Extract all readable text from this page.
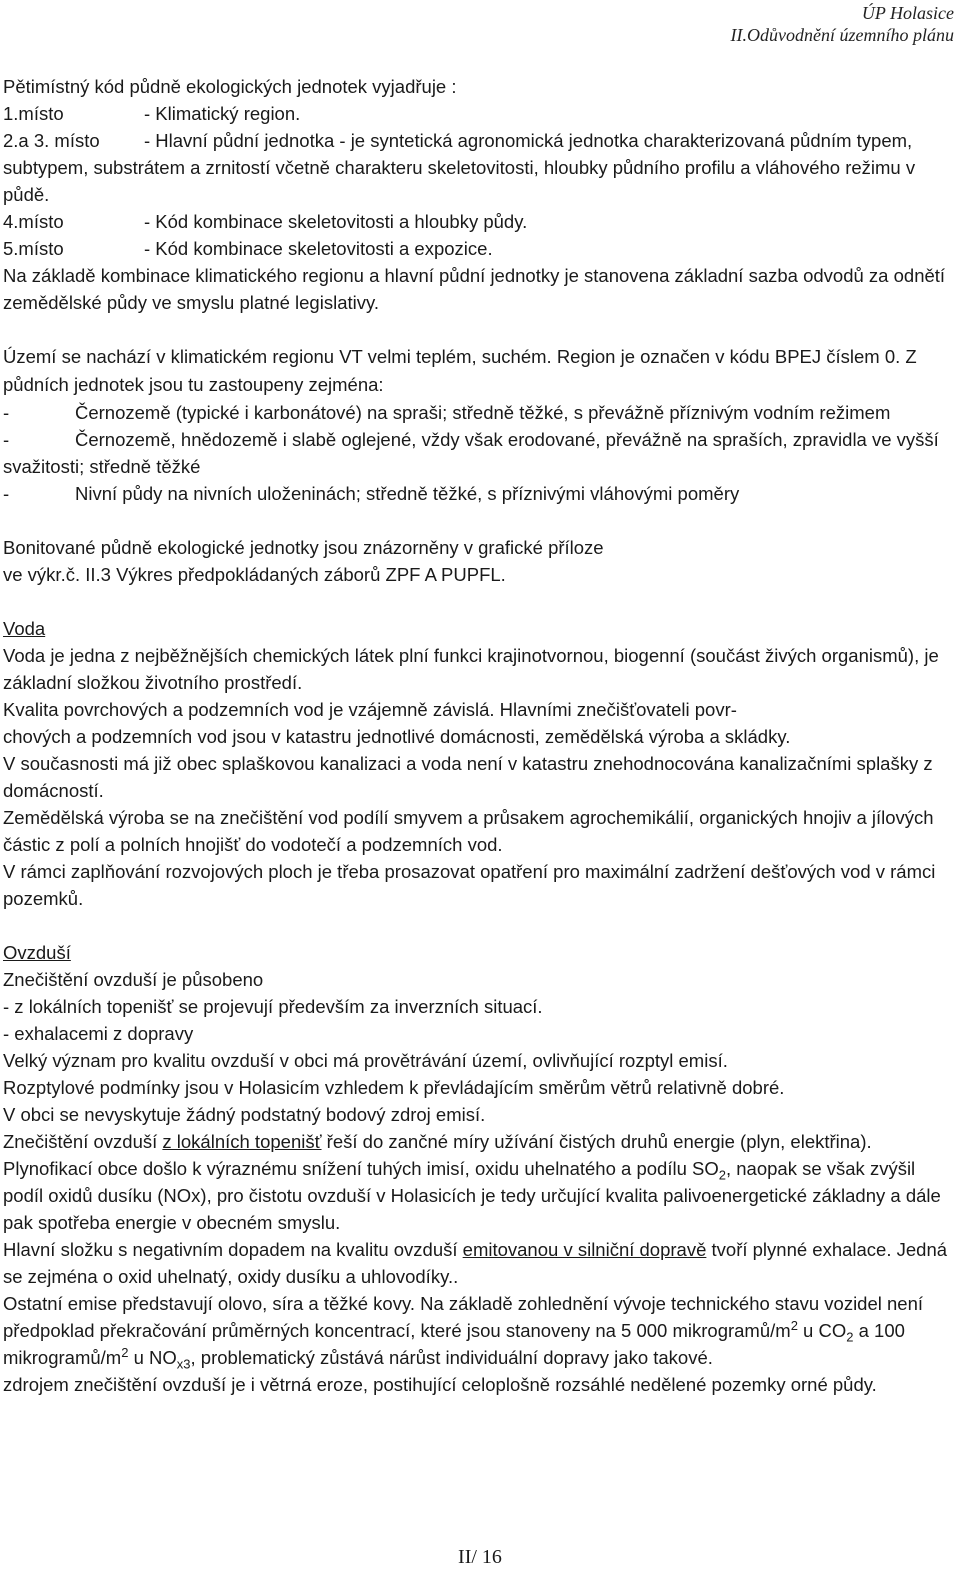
ÚP Holasice
II.Odůvodnění územního plánu
Pětimístný kód půdně ekologických jednotek vyjadřuje :
1.místo	- Klimatický region.
2.a 3. místo - Hlavní půdní jednotka - je syntetická agronomická jednotka charakterizovaná půdním typem, subtypem, substrátem a zrnitostí včetně charakteru skeletovitosti, hloubky půdního profilu a vláhového režimu v půdě.
4.místo	- Kód kombinace skeletovitosti a hloubky půdy.
5.místo	- Kód kombinace skeletovitosti a expozice.
Na základě kombinace klimatického regionu a hlavní půdní jednotky je stanovena základní sazba odvodů za odnětí zemědělské půdy ve smyslu platné legislativy.
Území se nachází v klimatickém regionu VT velmi teplém, suchém. Region je označen v kódu BPEJ číslem 0. Z půdních jednotek jsou tu zastoupeny zejména:
-	Černozemě (typické i karbonátové) na spraši; středně těžké, s převážně příznivým vodním režimem
-	Černozemě, hnědozemě i slabě oglejené, vždy však erodované, převážně na spraších, zpravidla ve vyšší svažitosti; středně těžké
-	Nivní půdy na nivních uloženinách; středně těžké, s příznivými vláhovými poměry
Bonitované půdně ekologické jednotky jsou znázorněny v grafické příloze
ve výkr.č. II.3 Výkres předpokládaných záborů ZPF A PUPFL.
Voda
Voda je jedna z nejběžnějších chemických látek plní funkci krajinotvornou, biogenní (součást živých organismů), je základní složkou životního prostředí.
Kvalita povrchových a podzemních vod je vzájemně závislá. Hlavními znečišťovateli povr-
chových a podzemních vod jsou v katastru jednotlivé domácnosti, zemědělská výroba a skládky.
V současnosti má již obec splaškovou kanalizaci a voda není v katastru znehodnocována kanalizačními splašky z domácností.
Zemědělská výroba se na znečištění vod podílí smyvem a průsakem agrochemikálií, organických hnojiv a jílových částic z polí a polních hnojišť do vodotečí a podzemních vod.
V rámci zaplňování rozvojových ploch je třeba prosazovat opatření pro maximální zadržení dešťových vod v rámci pozemků.
Ovzduší
Znečištění ovzduší je působeno
- z lokálních topenišť se projevují především za inverzních situací.
- exhalacemi z dopravy
Velký význam pro kvalitu ovzduší v obci má provětrávání území, ovlivňující rozptyl emisí.
Rozptylové podmínky jsou v Holasicím vzhledem k převládajícím směrům větrů relativně dobré.
V obci se nevyskytuje žádný podstatný bodový zdroj emisí.
Znečištění ovzduší z lokálních topenišť řeší do zančné míry užívání čistých druhů energie (plyn, elektřina). Plynofikací obce došlo k výraznému snížení tuhých imisí, oxidu uhelnatého a podílu $SO_2$, naopak se však zvýšil podíl oxidů dusíku (NOx), pro čistotu ovzduší v Holasicích je tedy určující kvalita palivoenergetické základny a dále pak spotřeba energie v obecném smyslu.
Hlavní složku s negativním dopadem na kvalitu ovzduší emitovanou v silniční dopravě tvoří plynné exhalace. Jedná se zejména o oxid uhelnatý, oxidy dusíku a uhlovodíky..
Ostatní emise představují olovo, síra a těžké kovy. Na základě zohlednění vývoje technického stavu vozidel není předpoklad překračování průměrných koncentrací, které jsou stanoveny na 5 000 mikrogramů/$m^2$ u $CO_2$ a 100 mikrogramů/$m^2$ u $NO_{x3}$, problematický zůstává nárůst individuální dopravy jako takové.
zdrojem znečištění ovzduší je i větrná eroze, postihující celoplošně rozsáhlé nedělené pozemky orné půdy.
II/ 16
